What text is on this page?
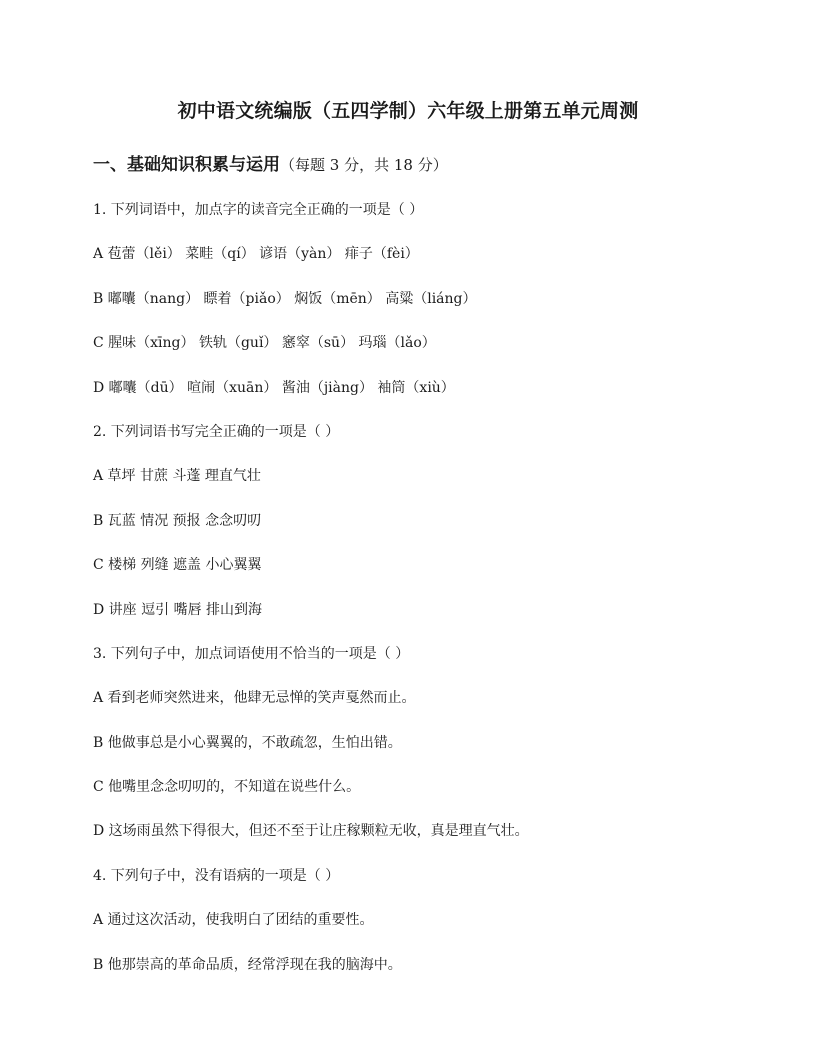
初中语文统编版（五四学制）六年级上册第五单元周测
一、基础知识积累与运用（每题 3 分，共 18 分）
1. 下列词语中，加点字的读音完全正确的一项是（ ）
A 苞蕾（lěi） 菜畦（qí） 谚语（yàn） 痱子（fèi）
B 嘟囔（nang） 瞟着（piǎo） 焖饭（mēn） 高粱（liáng）
C 腥味（xīng） 铁轨（guǐ） 窸窣（sū） 玛瑙（lǎo）
D 嘟囔（dū） 喧闹（xuān） 酱油（jiàng） 袖筒（xiù）
2. 下列词语书写完全正确的一项是（ ）
A 草坪 甘蔗 斗蓬 理直气壮
B 瓦蓝 情况 预报 念念叨叨
C 楼梯 列缝 遮盖 小心翼翼
D 讲座 逗引 嘴唇 排山到海
3. 下列句子中，加点词语使用不恰当的一项是（ ）
A 看到老师突然进来，他肆无忌惮的笑声戛然而止。
B 他做事总是小心翼翼的，不敢疏忽，生怕出错。
C 他嘴里念念叨叨的，不知道在说些什么。
D 这场雨虽然下得很大，但还不至于让庄稼颗粒无收，真是理直气壮。
4. 下列句子中，没有语病的一项是（ ）
A 通过这次活动，使我明白了团结的重要性。
B 他那崇高的革命品质，经常浮现在我的脑海中。
